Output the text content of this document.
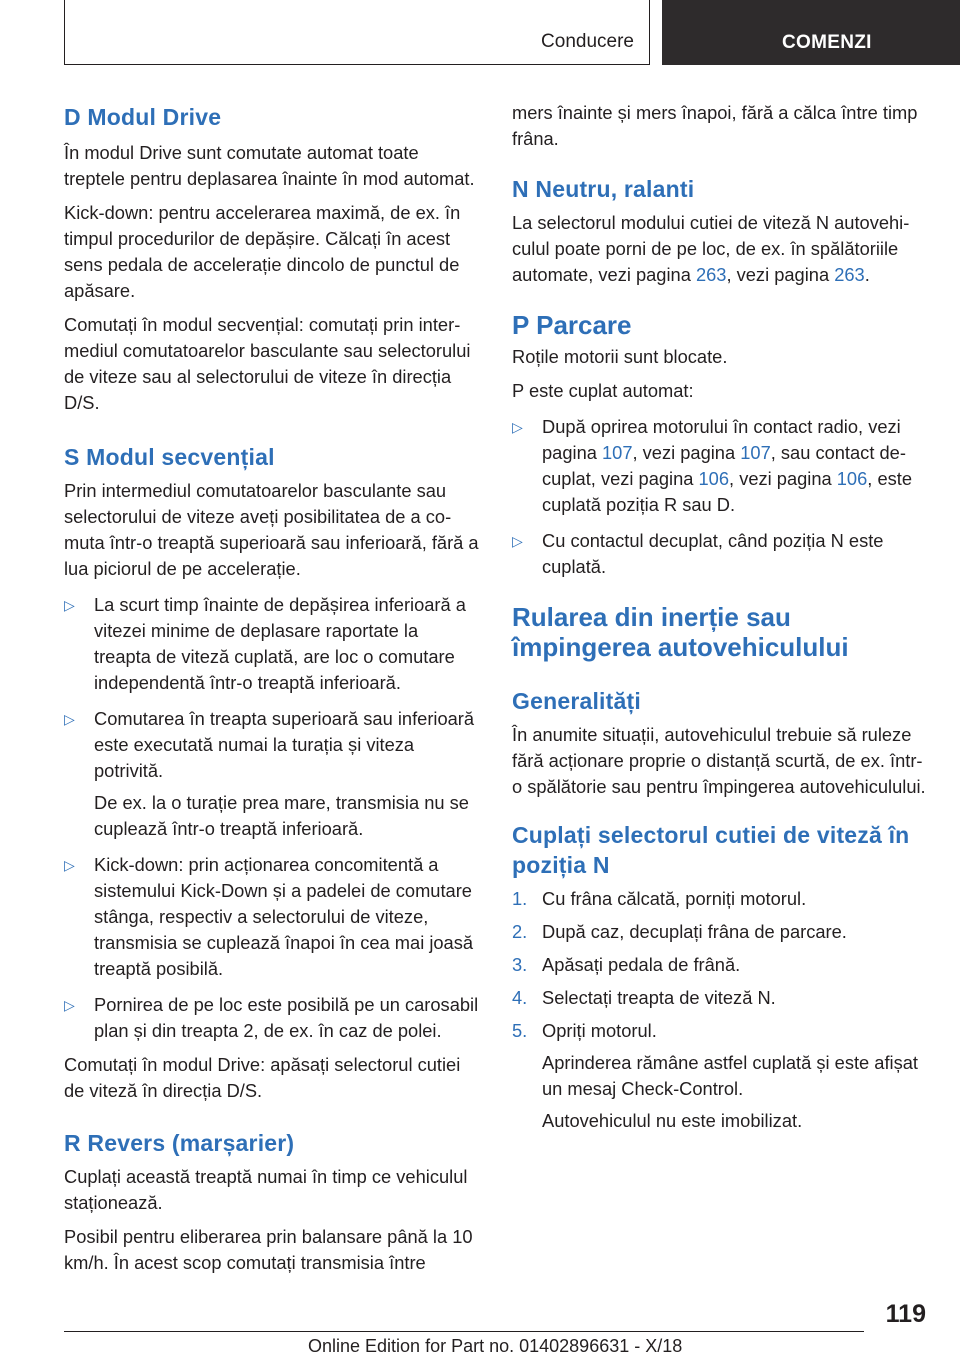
Conducere	COMENZI
D Modul Drive
În modul Drive sunt comutate automat toate treptele pentru deplasarea înainte în mod automat.
Kick-down: pentru accelerarea maximă, de ex. în timpul procedurilor de depășire. Călcați în acest sens pedala de accelerație dincolo de punctul de apăsare.
Comutați în modul secvențial: comutați prin intermediul comutatoarelor basculante sau selectorului de viteze sau al selectorului de viteze în direcția D/S.
S Modul secvențial
Prin intermediul comutatoarelor basculante sau selectorului de viteze aveți posibilitatea de a comuta într-o treaptă superioară sau inferioară, fără a lua piciorul de pe accelerație.
▷ La scurt timp înainte de depășirea inferioară a vitezei minime de deplasare raportate la treapta de viteză cuplată, are loc o comutare independentă într-o treaptă inferioară.
▷ Comutarea în treapta superioară sau inferioară este executată numai la turația și viteza potrivită.
De ex. la o turație prea mare, transmisia nu se cuplează într-o treaptă inferioară.
▷ Kick-down: prin acționarea concomitentă a sistemului Kick-Down și a padelei de comutare stânga, respectiv a selectorului de viteze, transmisia se cuplează înapoi în cea mai joasă treaptă posibilă.
▷ Pornirea de pe loc este posibilă pe un carosabil plan și din treapta 2, de ex. în caz de polei.
Comutați în modul Drive: apăsați selectorul cutiei de viteză în direcția D/S.
R Revers (marșarier)
Cuplați această treaptă numai în timp ce vehiculul staționează.
Posibil pentru eliberarea prin balansare până la 10 km/h. În acest scop comutați transmisia între
mers înainte și mers înapoi, fără a călca între timp frâna.
N Neutru, ralanti
La selectorul modului cutiei de viteză N autovehiculul poate porni de pe loc, de ex. în spălătoriile automate, vezi pagina 263, vezi pagina 263.
P Parcare
Roțile motorii sunt blocate.
P este cuplat automat:
▷ După oprirea motorului în contact radio, vezi pagina 107, vezi pagina 107, sau contact decuplat, vezi pagina 106, vezi pagina 106, este cuplată poziția R sau D.
▷ Cu contactul decuplat, când poziția N este cuplată.
Rularea din inerție sau împingerea autovehiculului
Generalități
În anumite situații, autovehiculul trebuie să ruleze fără acționare proprie o distanță scurtă, de ex. într-o spălătorie sau pentru împingerea autovehiculului.
Cuplați selectorul cutiei de viteză în poziția N
1. Cu frâna călcată, porniți motorul.
2. După caz, decuplați frâna de parcare.
3. Apăsați pedala de frână.
4. Selectați treapta de viteză N.
5. Opriți motorul.
Aprinderea rămâne astfel cuplată și este afișat un mesaj Check-Control.
Autovehiculul nu este imobilizat.
119
Online Edition for Part no. 01402896631 - X/18
